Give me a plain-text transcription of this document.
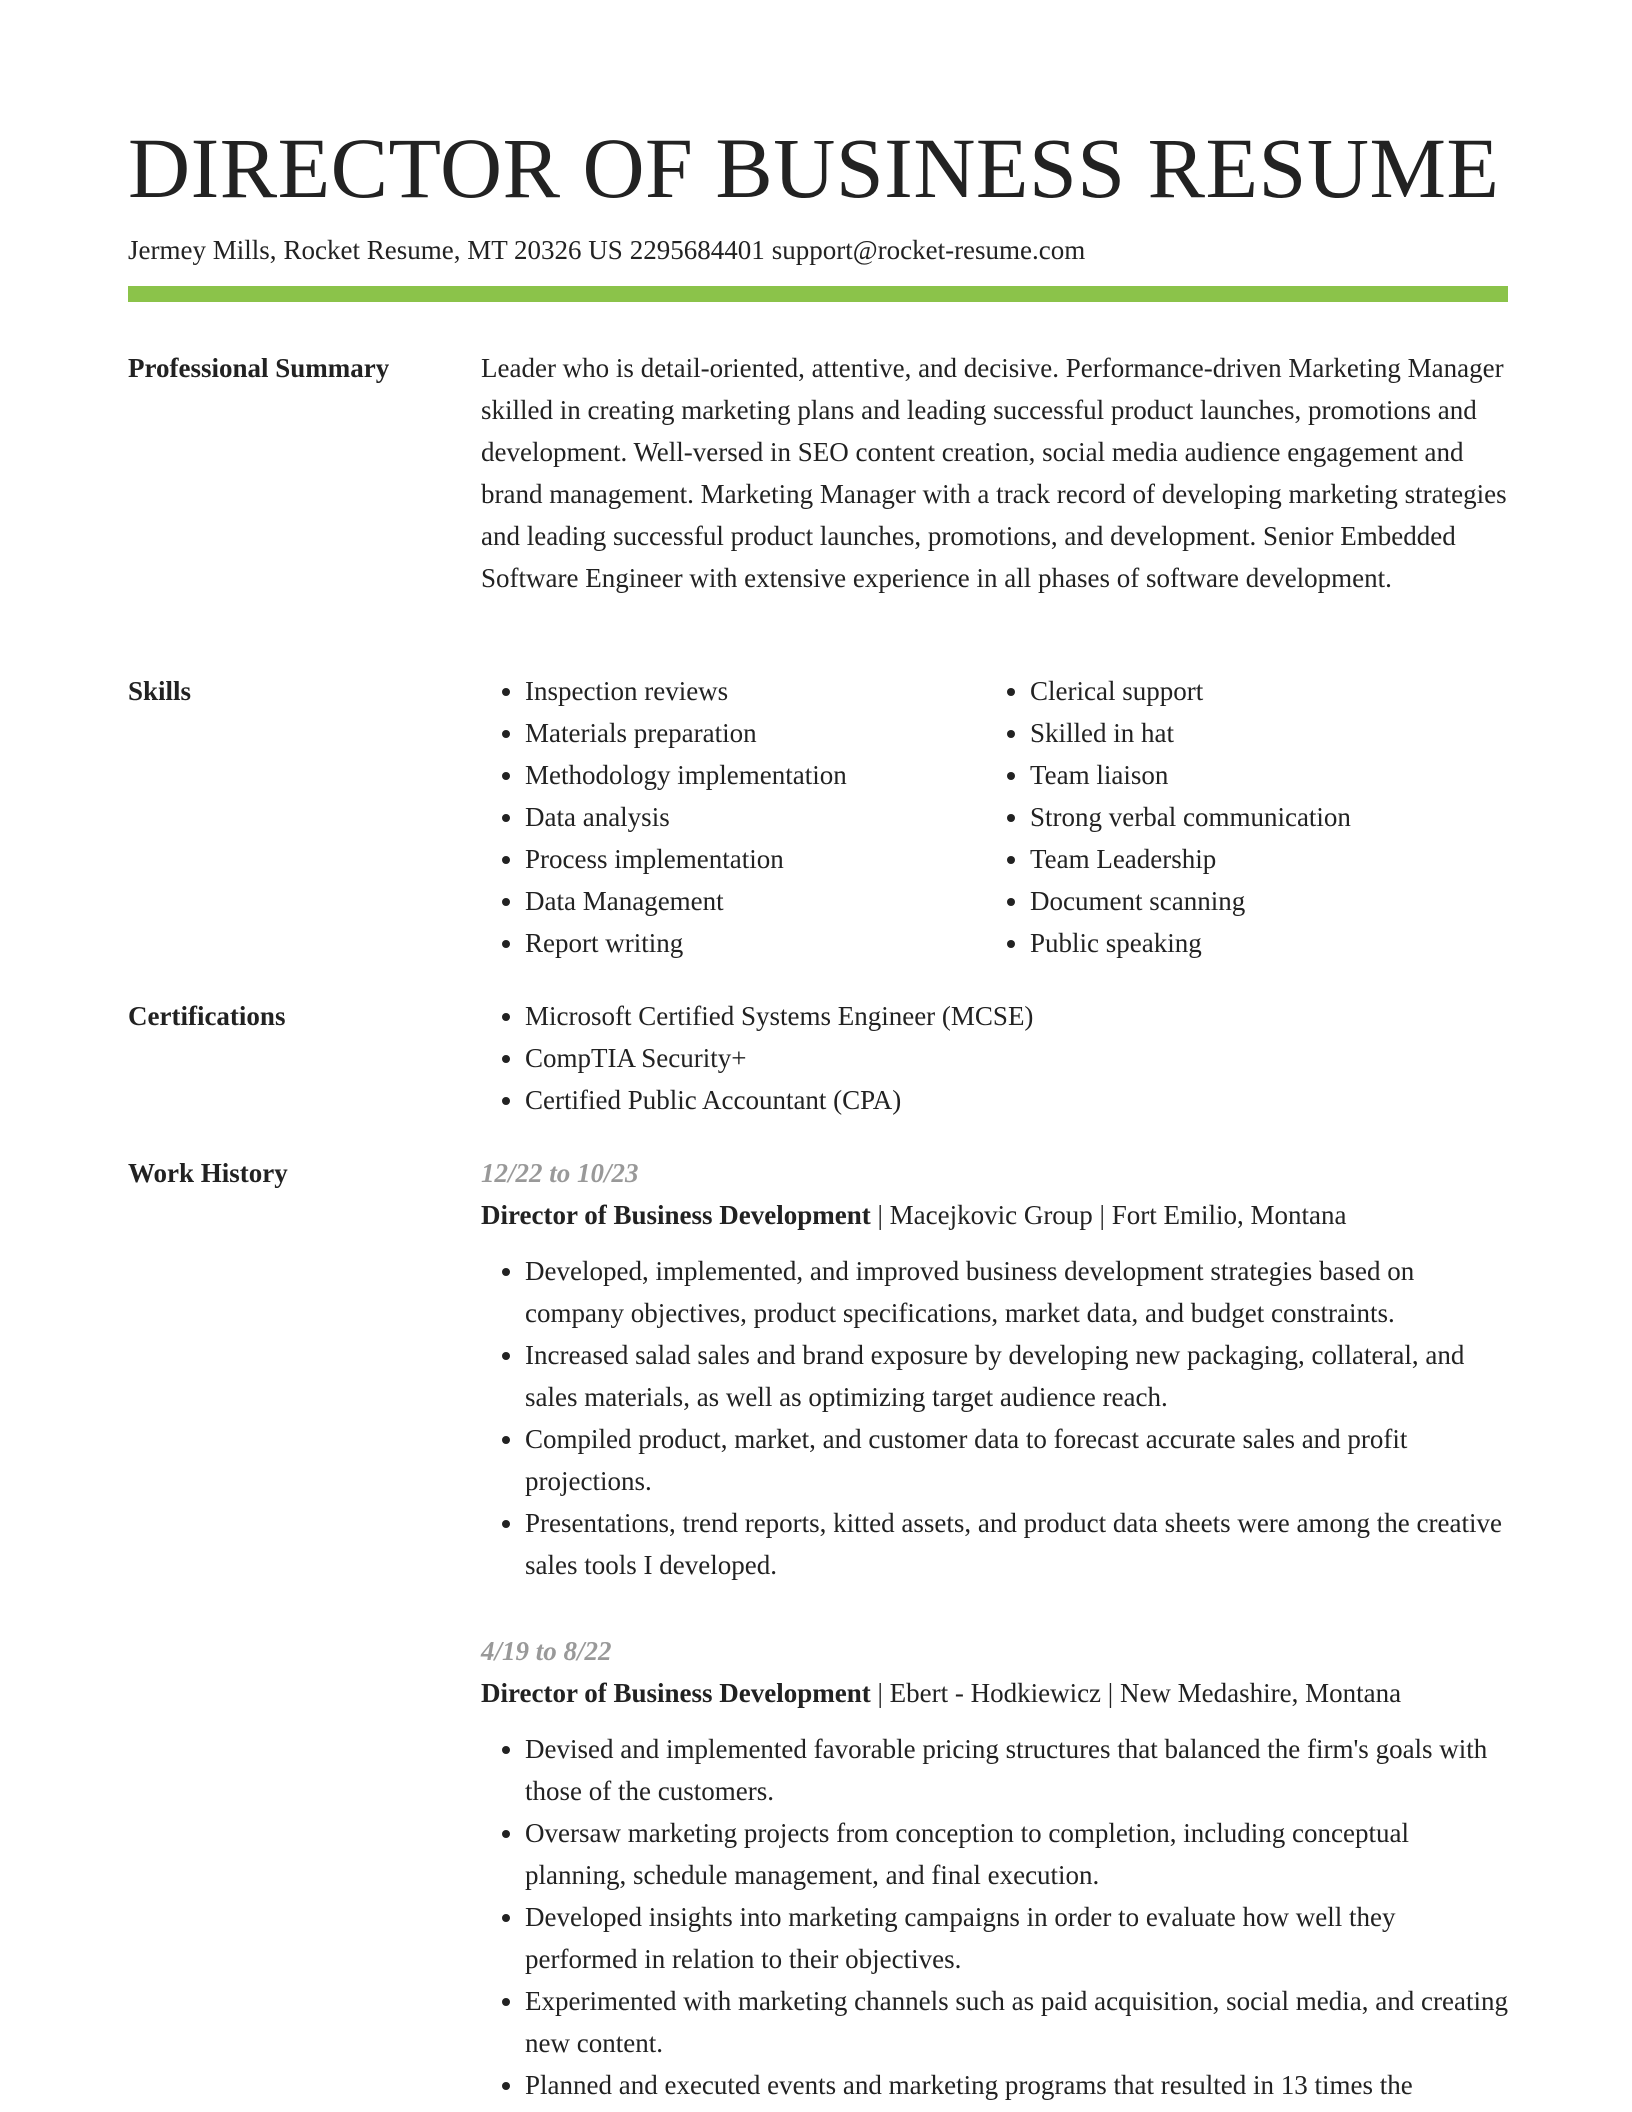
DIRECTOR OF BUSINESS RESUME
Jermey Mills, Rocket Resume, MT 20326 US 2295684401 support@rocket-resume.com
Professional Summary	Leader who is detail-oriented, attentive, and decisive. Performance-driven Marketing Manager skilled in creating marketing plans and leading successful product launches, promotions and development. Well-versed in SEO content creation, social media audience engagement and brand management. Marketing Manager with a track record of developing marketing strategies and leading successful product launches, promotions, and development. Senior Embedded Software Engineer with extensive experience in all phases of software development.

Skills	• Inspection reviews
• Materials preparation
• Methodology implementation
• Data analysis
• Process implementation
• Data Management
• Report writing
• Clerical support
• Skilled in hat
• Team liaison
• Strong verbal communication
• Team Leadership
• Document scanning
• Public speaking
Certifications	• Microsoft Certified Systems Engineer (MCSE)
• CompTIA Security+
• Certified Public Accountant (CPA)
Work History	12/22 to 10/23
Director of Business Development | Macejkovic Group | Fort Emilio, Montana
• Developed, implemented, and improved business development strategies based on company objectives, product specifications, market data, and budget constraints.
• Increased salad sales and brand exposure by developing new packaging, collateral, and sales materials, as well as optimizing target audience reach.
• Compiled product, market, and customer data to forecast accurate sales and profit projections.
• Presentations, trend reports, kitted assets, and product data sheets were among the creative sales tools I developed.
4/19 to 8/22
Director of Business Development | Ebert - Hodkiewicz | New Medashire, Montana
• Devised and implemented favorable pricing structures that balanced the firm's goals with those of the customers.
• Oversaw marketing projects from conception to completion, including conceptual planning, schedule management, and final execution.
• Developed insights into marketing campaigns in order to evaluate how well they performed in relation to their objectives.
• Experimented with marketing channels such as paid acquisition, social media, and creating new content.
• Planned and executed events and marketing programs that resulted in 13 times the
